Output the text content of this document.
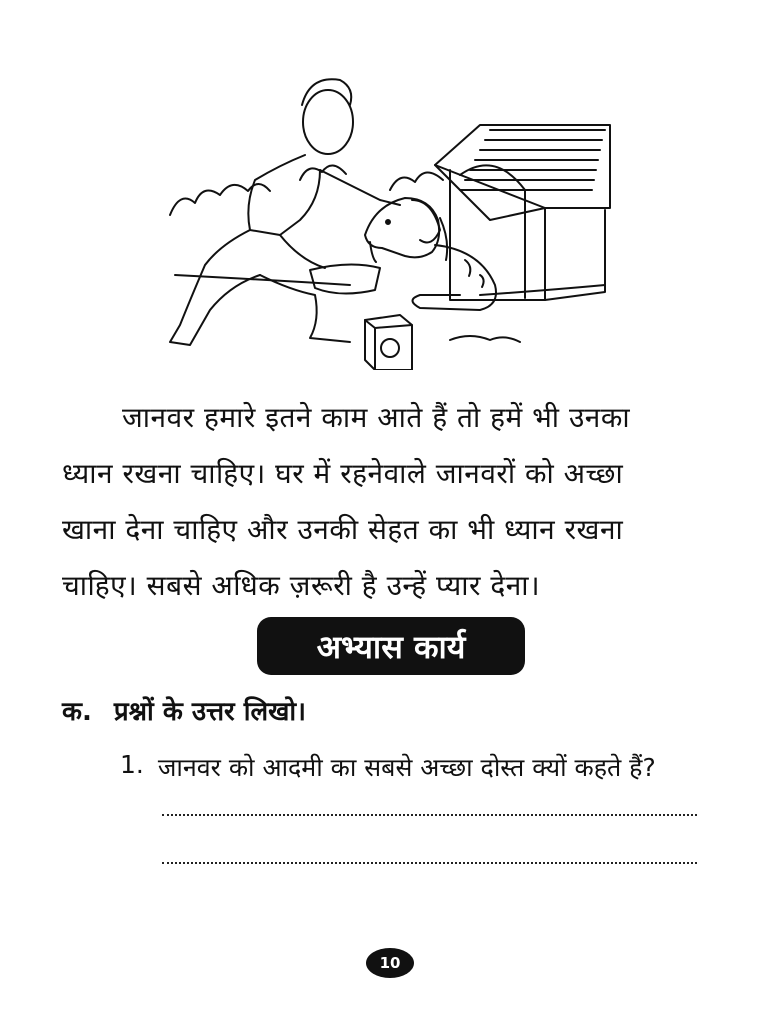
जानवर हमारे इतने काम आते हैं तो हमें भी उनका
ध्यान रखना चाहिए। घर में रहनेवाले जानवरों को अच्छा
खाना देना चाहिए और उनकी सेहत का भी ध्यान रखना
चाहिए। सबसे अधिक ज़रूरी है उन्हें प्यार देना।
अभ्यास कार्य
क. प्रश्नों के उत्तर लिखो।
1. जानवर को आदमी का सबसे अच्छा दोस्त क्यों कहते हैं?
10
